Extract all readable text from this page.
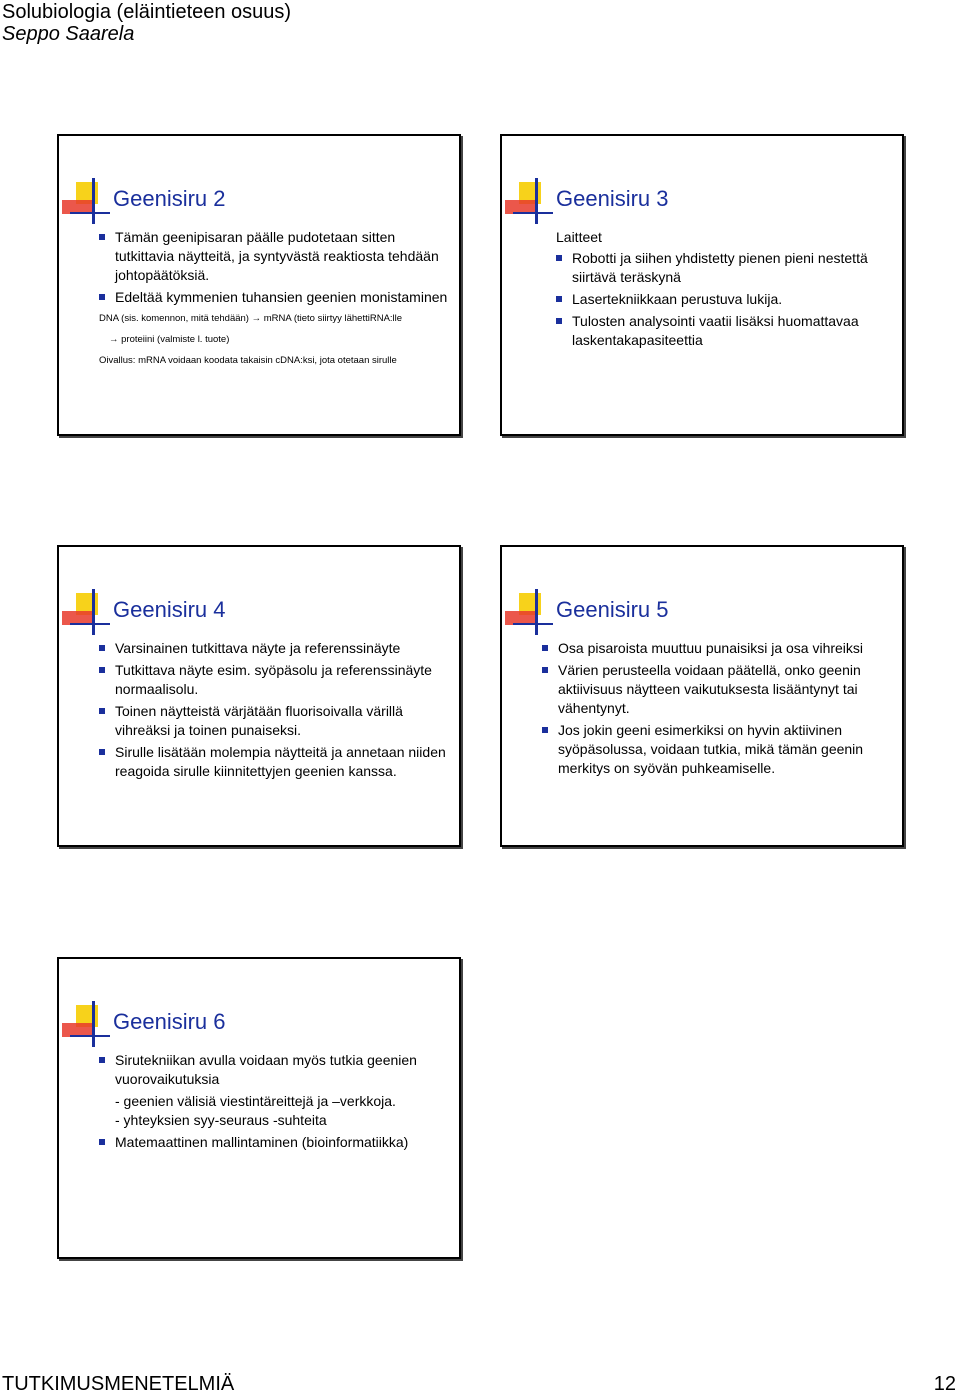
Solubiologia (eläintieteen osuus)
Seppo Saarela
Geenisiru 2
Tämän geenipisaran päälle pudotetaan sitten tutkittavia näytteitä, ja syntyvästä reaktiosta tehdään johtopäätöksiä.
Edeltää kymmenien tuhansien geenien monistaminen
DNA (sis. komennon, mitä tehdään) → mRNA (tieto siirtyy lähettiRNA:lle
→ proteiini (valmiste l. tuote)
Oivallus: mRNA voidaan koodata takaisin cDNA:ksi, jota otetaan sirulle
Geenisiru 3
Laitteet
Robotti ja siihen yhdistetty pienen pieni nestettä siirtävä teräskynä
Lasertekniikkaan perustuva lukija.
Tulosten analysointi vaatii lisäksi huomattavaa laskentakapasiteettia
Geenisiru 4
Varsinainen tutkittava näyte ja referenssinäyte
Tutkittava näyte esim. syöpäsolu ja referenssinäyte normaalisolu.
Toinen näytteistä värjätään fluorisoivalla värillä vihreäksi ja toinen punaiseksi.
Sirulle lisätään molempia näytteitä ja annetaan niiden reagoida sirulle kiinnitettyjen geenien kanssa.
Geenisiru 5
Osa pisaroista muuttuu punaisiksi ja osa vihreiksi
Värien perusteella voidaan päätellä, onko geenin aktiivisuus näytteen vaikutuksesta lisääntynyt tai vähentynyt.
Jos jokin geeni esimerkiksi on hyvin aktiivinen syöpäsolussa, voidaan tutkia, mikä tämän geenin merkitys on syövän puhkeamiselle.
Geenisiru 6
Sirutekniikan avulla voidaan myös tutkia geenien vuorovaikutuksia
- geenien välisiä viestintäreittejä ja –verkkoja.
- yhteyksien syy-seuraus -suhteita
Matemaattinen mallintaminen (bioinformatiikka)
TUTKIMUSMENETELMIÄ	12
